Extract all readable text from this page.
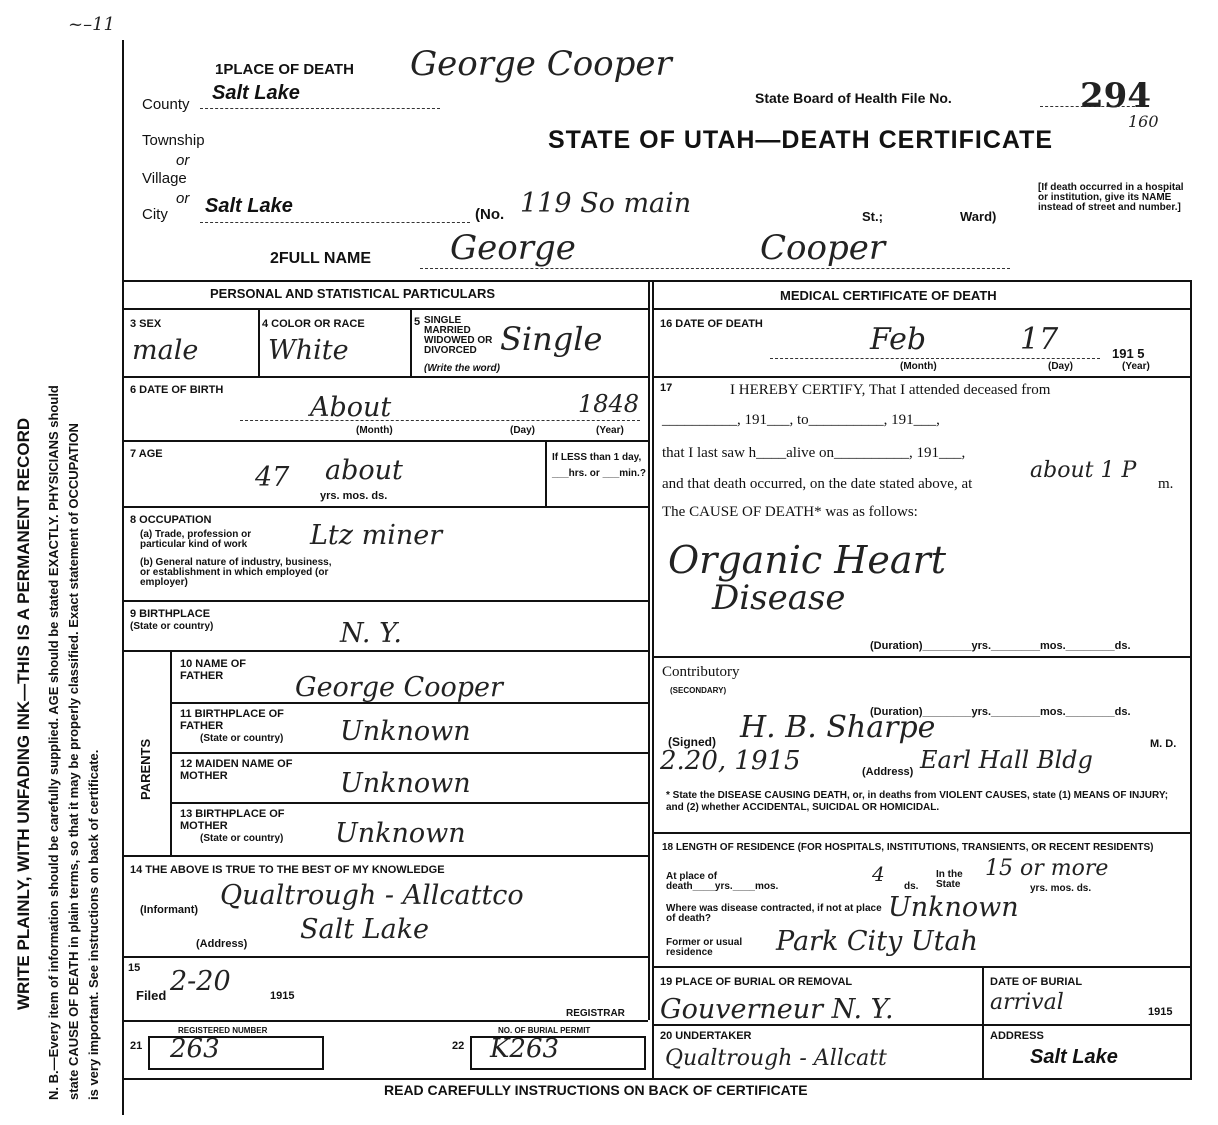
~–11
WRITE PLAINLY, WITH UNFADING INK—THIS IS A PERMANENT RECORD N. B.—Every item of information should be carefully supplied. AGE should be stated EXACTLY. PHYSICIANS should state CAUSE OF DEATH in plain terms, so that it may be properly classified. Exact statement of OCCUPATION is very important. See instructions on back of certificate.
1PLACE OF DEATH George Cooper
County
Salt Lake	State Board of Health File No.	294
160
Township
or
Village
or
City Salt Lake	(No. 119 So main	St.;	Ward)
STATE OF UTAH—DEATH CERTIFICATE
[If death occurred in a hospital or institution, give its NAME instead of street and number.]
2FULL NAME George	Cooper
PERSONAL AND STATISTICAL PARTICULARS	MEDICAL CERTIFICATE OF DEATH
3 SEX
male
4 COLOR OR RACE
White
5 SINGLE MARRIED WIDOWED OR DIVORCED
(Write the word)
Single
6 DATE OF BIRTH
About	1848
(Month)	(Day)	(Year)
7 AGE
47 about
yrs. mos. ds.
If LESS than 1 day, ___hrs. or ___min.?
8 OCCUPATION
(a) Trade, profession or particular kind of work	Ltz miner
(b) General nature of industry, business, or establishment in which employed (or employer)
9 BIRTHPLACE
(State or country)	N. Y.
PARENTS
10 NAME OF FATHER	George Cooper
11 BIRTHPLACE OF FATHER
(State or country) Unknown
12 MAIDEN NAME OF MOTHER	Unknown
13 BIRTHPLACE OF MOTHER
(State or country) Unknown
14 THE ABOVE IS TRUE TO THE BEST OF MY KNOWLEDGE
(Informant) Qualtrough - Allcattco
(Address) Salt Lake
15
Filed 2-20	1915
REGISTRAR
REGISTERED NUMBER
21 263
NO. OF BURIAL PERMIT
22 K263
16 DATE OF DEATH	Feb	17	191 5
(Month)	(Day)	(Year)
17	I HEREBY CERTIFY, That I attended deceased from
__________, 191___, to__________, 191___,
that I last saw h____alive on__________, 191___,
and that death occurred, on the date stated above, at
about 1 P
m.
The CAUSE OF DEATH* was as follows:
Organic Heart
Disease
(Duration)________yrs.________mos.________ds.
Contributory
(SECONDARY)
(Duration)________yrs.________mos.________ds.
(Signed) H. B. Sharpe	M. D.
2.20, 1915	(Address) Earl Hall Bldg
* State the DISEASE CAUSING DEATH, or, in deaths from VIOLENT CAUSES, state (1) MEANS OF INJURY; and (2) whether ACCIDENTAL, SUICIDAL OR HOMICIDAL.
18 LENGTH OF RESIDENCE (FOR HOSPITALS, INSTITUTIONS, TRANSIENTS, OR RECENT RESIDENTS)
At place of death____yrs.____mos.
4
ds.
In the State
15 or more
yrs. mos. ds.
Where was disease contracted, if not at place of death?	Unknown
Former or usual residence	Park City Utah
19 PLACE OF BURIAL OR REMOVAL
Gouverneur N. Y.
DATE OF BURIAL
arrival	1915
20 UNDERTAKER
Qualtrough - Allcatt
ADDRESS
Salt Lake
READ CAREFULLY INSTRUCTIONS ON BACK OF CERTIFICATE
